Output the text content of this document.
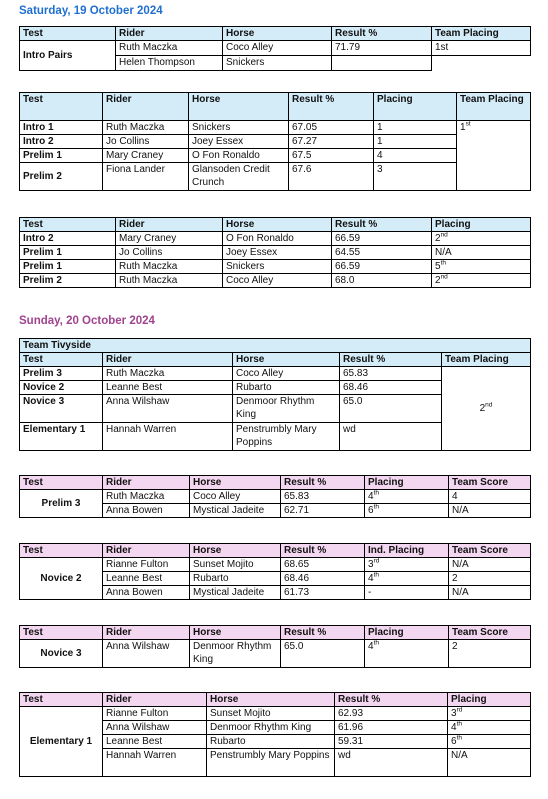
Saturday, 19 October 2024
Test	Rider	Horse	Result %	Team Placing
Intro Pairs	Ruth Maczka	Coco Alley	71.79	1st
	Helen Thompson	Snickers		
Test	Rider	Horse	Result %	Placing	Team Placing
Intro 1	Ruth Maczka	Snickers	67.05	1	1st
Intro 2	Jo Collins	Joey Essex	67.27	1	
Prelim 1	Mary Craney	O Fon Ronaldo	67.5	4	
Prelim 2	Fiona Lander	Glansoden Credit Crunch	67.6	3	
Test	Rider	Horse	Result %	Placing
Intro 2	Mary Craney	O Fon Ronaldo	66.59	2nd
Prelim 1	Jo Collins	Joey Essex	64.55	N/A
Prelim 1	Ruth Maczka	Snickers	66.59	5th
Prelim 2	Ruth Maczka	Coco Alley	68.0	2nd
Sunday, 20 October 2024
Team Tivyside				
Test	Rider	Horse	Result %	Team Placing
Prelim 3	Ruth Maczka	Coco Alley	65.83	2nd
Novice 2	Leanne Best	Rubarto	68.46	
Novice 3	Anna Wilshaw	Denmoor Rhythm King	65.0	
Elementary 1	Hannah Warren	Penstrumbly Mary Poppins	wd	
Test	Rider	Horse	Result %	Placing	Team Score
Prelim 3	Ruth Maczka	Coco Alley	65.83	4th	4
	Anna Bowen	Mystical Jadeite	62.71	6th	N/A
Test	Rider	Horse	Result %	Ind. Placing	Team Score
Novice 2	Rianne Fulton	Sunset Mojito	68.65	3rd	N/A
	Leanne Best	Rubarto	68.46	4th	2
	Anna Bowen	Mystical Jadeite	61.73	-	N/A
Test	Rider	Horse	Result %	Placing	Team Score
Novice 3	Anna Wilshaw	Denmoor Rhythm King	65.0	4th	2
Test	Rider	Horse	Result %	Placing
Elementary 1	Rianne Fulton	Sunset Mojito	62.93	3rd
	Anna Wilshaw	Denmoor Rhythm King	61.96	4th
	Leanne Best	Rubarto	59.31	6th
	Hannah Warren	Penstrumbly Mary Poppins	wd	N/A
